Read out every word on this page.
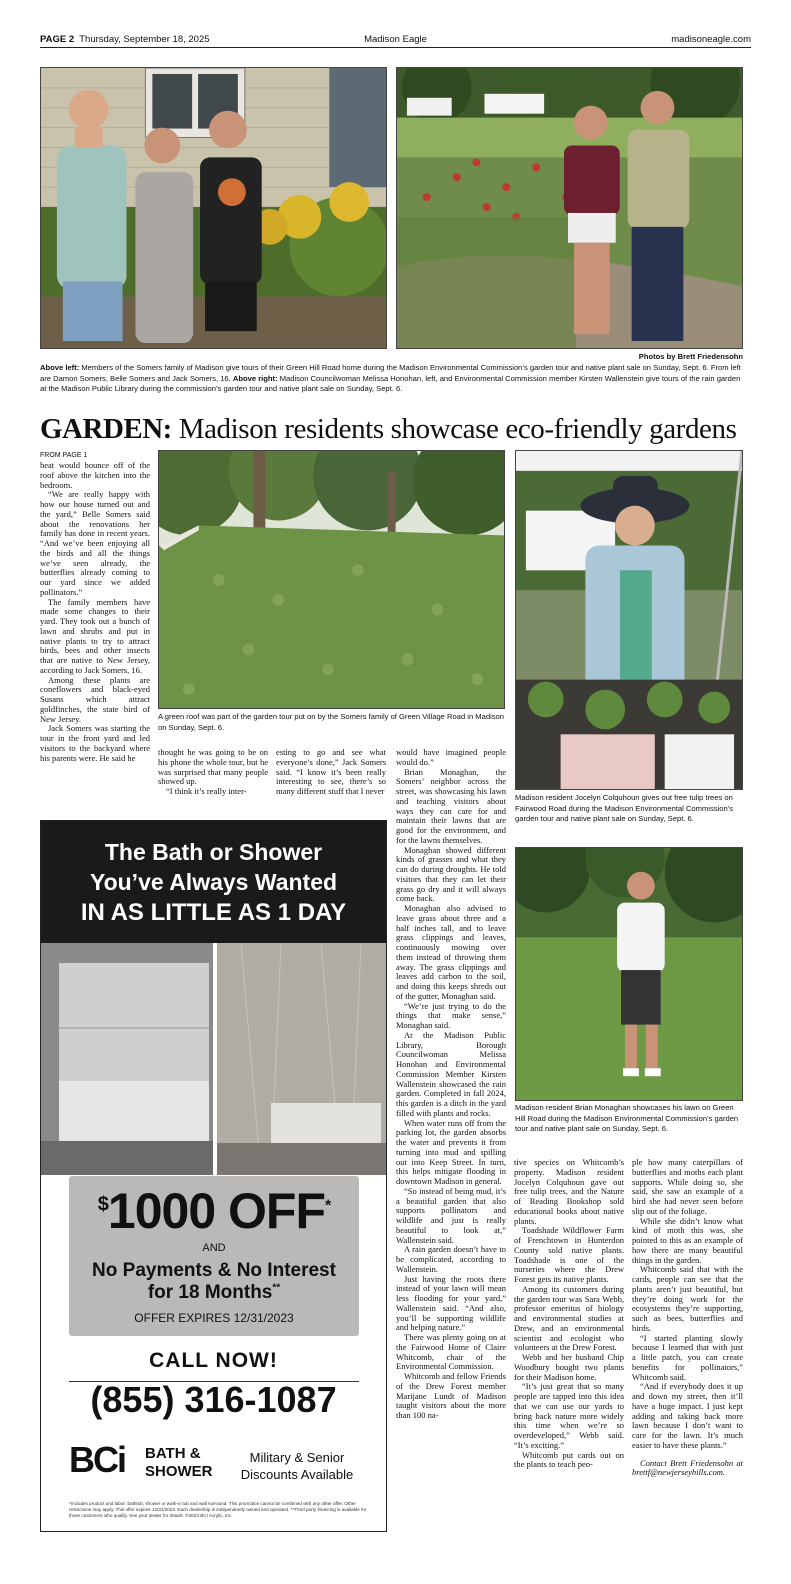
PAGE 2 Thursday, September 18, 2025	Madison Eagle	madisoneagle.com
Photos by Brett Friedensohn
Above left: Members of the Somers family of Madison give tours of their Green Hill Road home during the Madison Environmental Commission’s garden tour and native plant sale on Sunday, Sept. 6. From left are Damon Somers, Belle Somers and Jack Somers, 16. Above right: Madison Councilwoman Melissa Honohan, left, and Environmental Commission member Kirsten Wallenstein give tours of the rain garden at the Madison Public Library during the commission’s garden tour and native plant sale on Sunday, Sept. 6.
GARDEN: Madison residents showcase eco-friendly gardens
FROM PAGE 1
A green roof was part of the garden tour put on by the Somers family of Green Village Road in Madison on Sunday, Sept. 6.
Madison resident Jocelyn Colquhoun gives out free tulip trees on Fairwood Road during the Madison Environmental Commission’s garden tour and native plant sale on Sunday, Sept. 6.
Madison resident Brian Monaghan showcases his lawn on Green Hill Road during the Madison Environmental Commission’s garden tour and native plant sale on Sunday, Sept. 6.

heat would bounce off of the roof above the kitchen into the bedroom.

“We are really happy with how our house turned out and the yard,” Belle Somers said about the renovations her family has done in recent years. “And we’ve been enjoying all the birds and all the things we’ve seen already, the butterflies already coming to our yard since we added pollinators.”

The family members have made some changes to their yard. They took out a bunch of lawn and shrubs and put in native plants to try to attract birds, bees and other insects that are native to New Jersey, according to Jack Somers, 16.

Among these plants are coneflowers and black-eyed Susans which attract goldfinches, the state bird of New Jersey.

Jack Somers was starting the tour in the front yard and led visitors to the backyard where his parents were. He said he

thought he was going to be on his phone the whole tour, but he was surprised that many people showed up.

“I think it’s really inter-

esting to go and see what everyone’s done,” Jack Somers said. “I know it’s been really interesting to see, there’s so many different stuff that I never

would have imagined people would do.”

Brian Monaghan, the Somers’ neighbor across the street, was showcasing his lawn and teaching visitors about ways they can care for and maintain their lawns that are good for the environment, and for the lawns themselves.

Monaghan showed different kinds of grasses and what they can do during droughts. He told visitors that they can let their grass go dry and it will always come back.

Monaghan also advised to leave grass about three and a half inches tall, and to leave grass clippings and leaves, continuously mowing over them instead of throwing them away. The grass clippings and leaves add carbon to the soil, and doing this keeps shreds out of the gutter, Monaghan said.

“We’re just trying to do the things that make sense,” Monaghan said.

At the Madison Public Library, Borough Councilwoman Melissa Honohan and Environmental Commission Member Kirsten Wallenstein showcased the rain garden. Completed in fall 2024, this garden is a ditch in the yard filled with plants and rocks.

When water runs off from the parking lot, the garden absorbs the water and prevents it from turning into mud and spilling out into Keep Street. In turn, this helps mitigate flooding in downtown Madison in general.

“So instead of being mud, it’s a beautiful garden that also supports pollinators and wildlife and just is really beautiful to look at,” Wallenstein said.

A rain garden doesn’t have to be complicated, according to Wallenstein.

Just having the roots there instead of your lawn will mean less flooding for your yard,” Wallenstein said. “And also, you’ll be supporting wildlife and helping nature.”

There was plenty going on at the Fairwood Home of Claire Whitcomb, chair of the Environmental Commission.

Whitcomb and fellow Friends of the Drew Forest member Marijane Lundt of Madison taught visitors about the more than 100 na-

tive species on Whitcomb’s property. Madison resident Jocelyn Colquhoun gave out free tulip trees, and the Nature of Reading Bookshop sold educational books about native plants.

Toadshade Wildflower Farm of Frenchtown in Hunterdon County sold native plants. Toadshade is one of the nurseries where the Drew Forest gets its native plants.

Among its customers during the garden tour was Sara Webb, professor emeritus of biology and environmental studies at Drew, and an environmental scientist and ecologist who volunteers at the Drew Forest.

Webb and her husband Chip Woodbury bought two plants for their Madison home.

“It’s just great that so many people are tapped into this idea that we can use our yards to bring back nature more widely this time when we’re so overdeveloped,” Webb said. “It’s exciting.”

Whitcomb put cards out on the plants to teach peo-

ple how many caterpillars of butterflies and moths each plant supports. While doing so, she said, she saw an example of a bird she had never seen before slip out of the foliage.

While she didn’t know what kind of moth this was, she pointed to this as an example of how there are many beautiful things in the garden.

Whitcomb said that with the cards, people can see that the plants aren’t just beautiful, but they’re doing work for the ecosystems they’re supporting, such as bees, butterflies and birds.

“I started planting slowly because I learned that with just a little patch, you can create benefits for pollinators,” Whitcomb said.

“And if everybody does it up and down my street, then it’ll have a huge impact. I just kept adding and taking back more lawn because I don’t want to care for the lawn. It’s much easier to have these plants.”

Contact Brett Friedensohn at brettf@newjerseyhills.com.

The Bath or Shower
You’ve Always Wanted
IN AS LITTLE AS 1 DAY
$1000 OFF*
AND
No Payments & No Interest
for 18 Months**
OFFER EXPIRES 12/31/2023
CALL NOW!
(855) 316-1087
BCi BATH &
SHOWER
Military & Senior
Discounts Available
*Includes product and labor; bathtub, shower or walk-in tub and wall surround. This promotion cannot be combined with any other offer. Other restrictions may apply. This offer expires 12/31/2023. Each dealership is independently owned and operated. **Third party financing is available for those customers who qualify. See your dealer for details. ©2023 BCI Acrylic, Inc.
